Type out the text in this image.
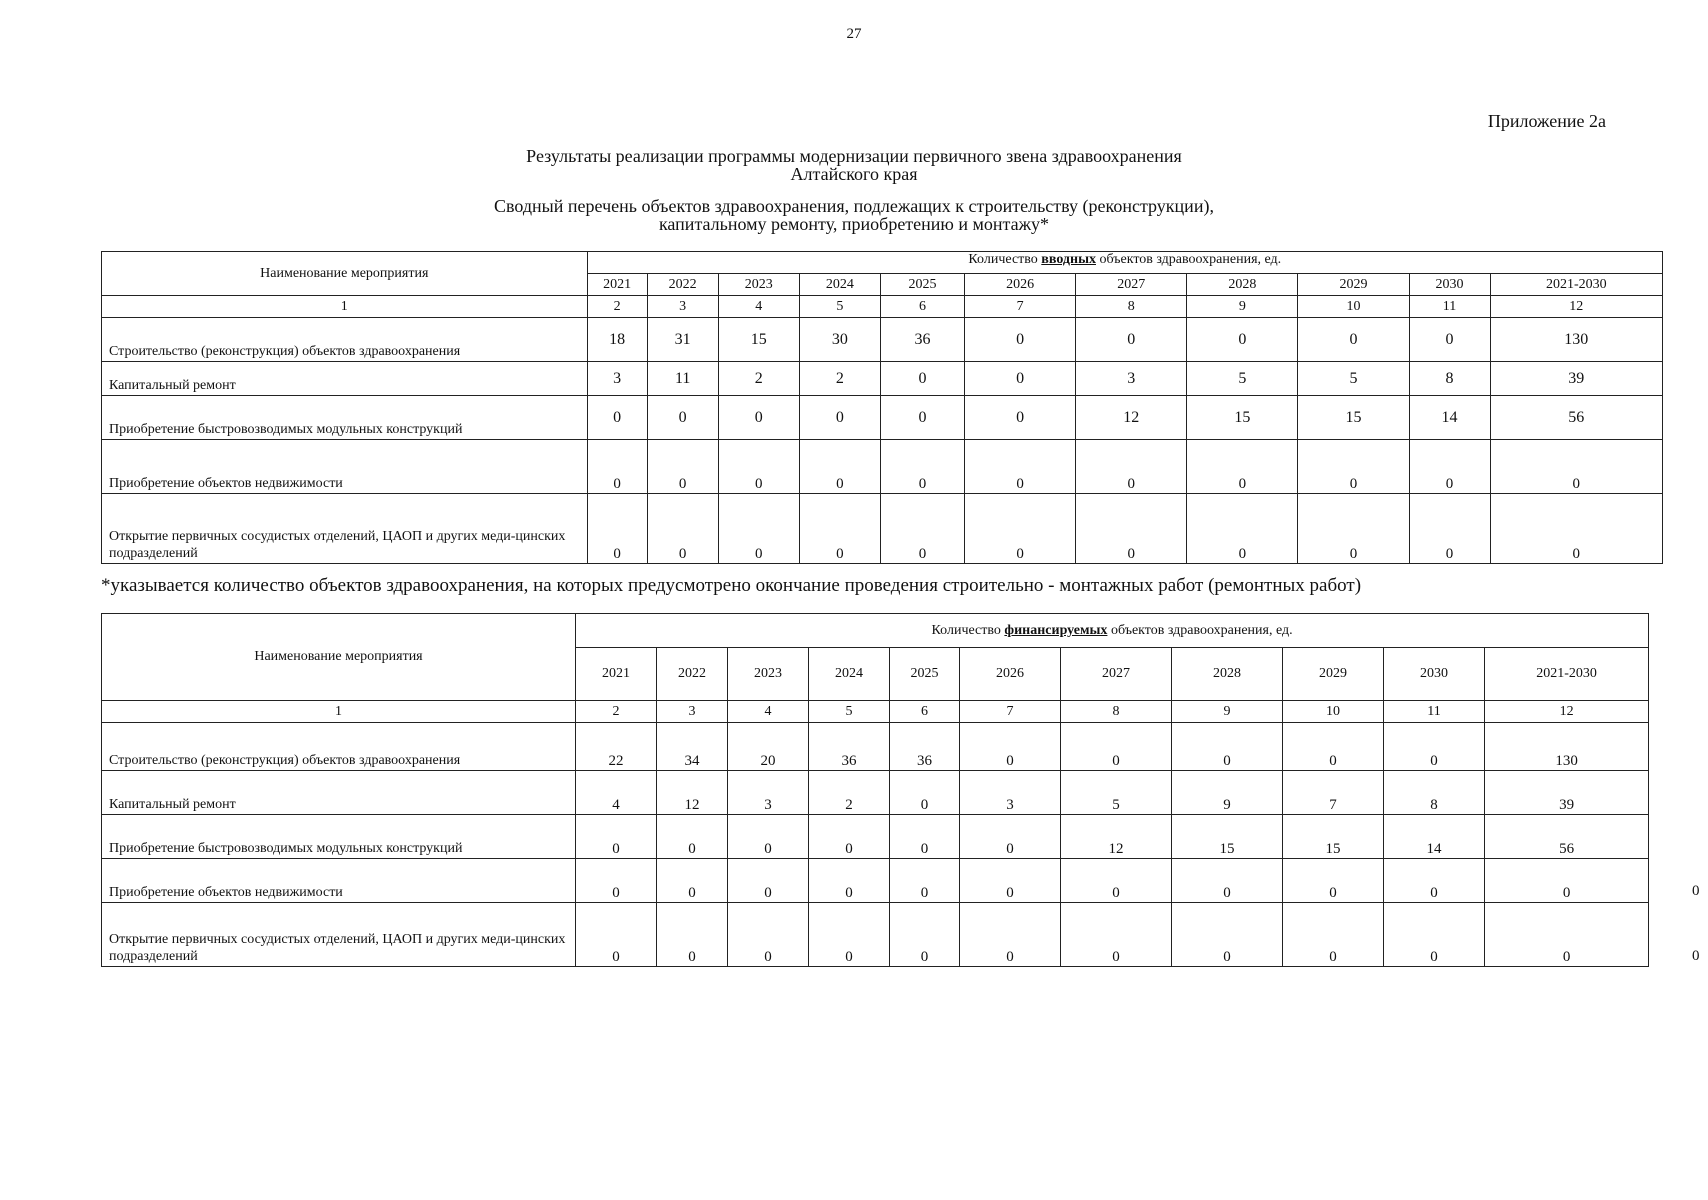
27
Приложение 2а
Результаты реализации программы модернизации первичного звена здравоохранения
Алтайского края
Сводный перечень объектов здравоохранения, подлежащих к строительству (реконструкции),
капитальному ремонту, приобретению и монтажу*
Наименование мероприятия	Количество вводных объектов здравоохранения, ед.										
	2021	2022	2023	2024	2025	2026	2027	2028	2029	2030	2021-2030
1	2	3	4	5	6	7	8	9	10	11	12
Строительство (реконструкция) объектов здравоохранения	18	31	15	30	36	0	0	0	0	0	130
Капитальный ремонт	3	11	2	2	0	0	3	5	5	8	39
Приобретение быстровозводимых модульных конструкций	0	0	0	0	0	0	12	15	15	14	56
Приобретение объектов недвижимости	0	0	0	0	0	0	0	0	0	0	0
Открытие первичных сосудистых отделений, ЦАОП и других меди-цинских подразделений	0	0	0	0	0	0	0	0	0	0	0
*указывается количество объектов здравоохранения, на которых предусмотрено окончание проведения строительно - монтажных работ (ремонтных работ)
Наименование мероприятия	Количество финансируемых объектов здравоохранения, ед.										
	2021	2022	2023	2024	2025	2026	2027	2028	2029	2030	2021-2030
1	2	3	4	5	6	7	8	9	10	11	12
Строительство (реконструкция) объектов здравоохранения	22	34	20	36	36	0	0	0	0	0	130
Капитальный ремонт	4	12	3	2	0	3	5	9	7	8	39
Приобретение быстровозводимых модульных конструкций	0	0	0	0	0	0	12	15	15	14	56
Приобретение объектов недвижимости	0	0	0	0	0	0	0	0	0	0	0
Открытие первичных сосудистых отделений, ЦАОП и других меди-цинских подразделений	0	0	0	0	0	0	0	0	0	0	0
0
0
